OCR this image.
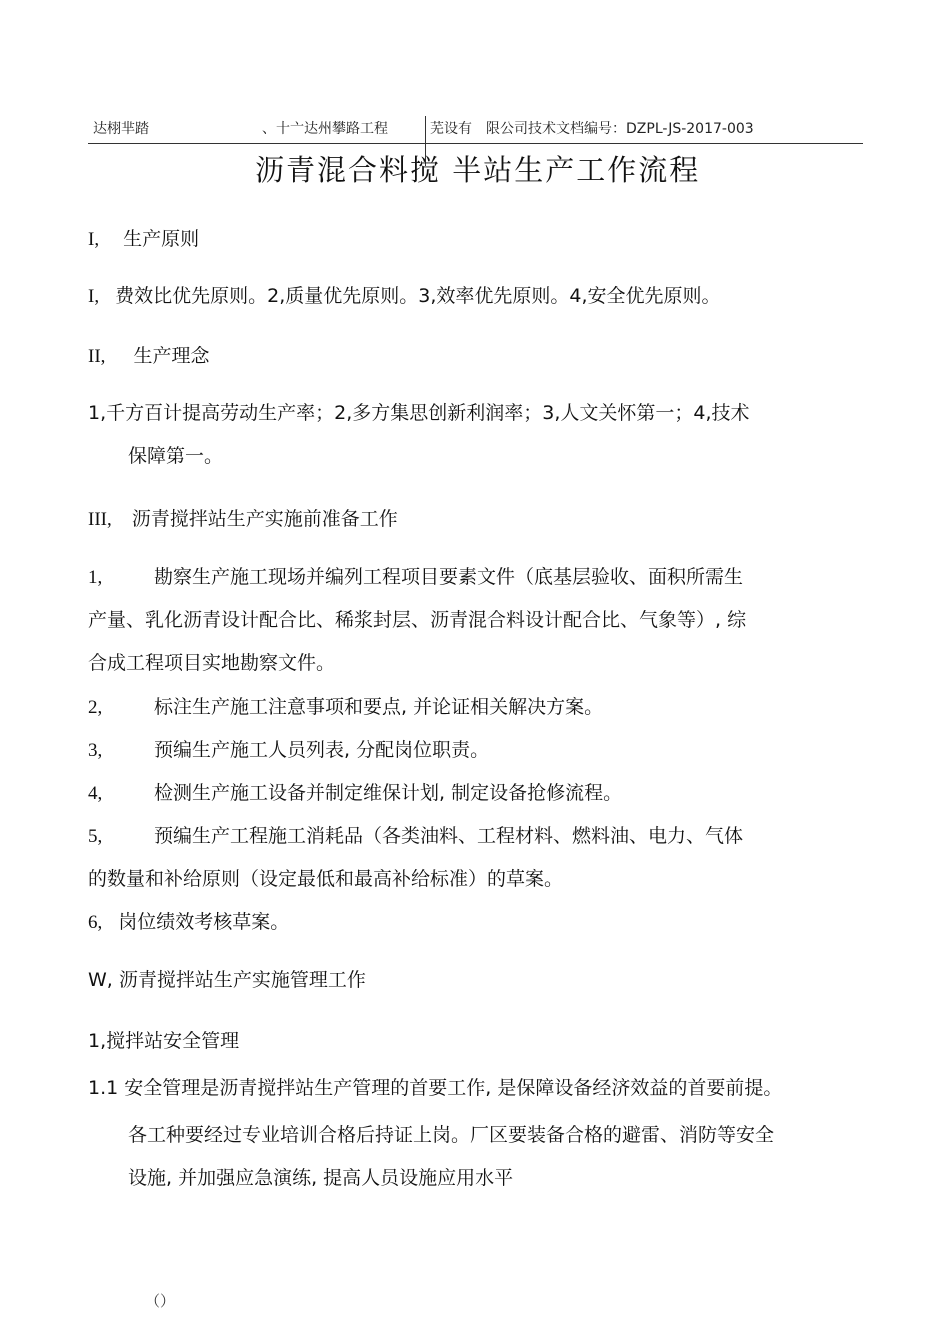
达栩芈踏	、十亠达州攀路工程	芜设有　限公司技术文档编号：DZPL-JS-2017-003
沥青混合料搅 半站生产工作流程
I, 生产原则
I, 费效比优先原则。2,质量优先原则。3,效率优先原则。4,安全优先原则。
II, 生产理念
1,千方百计提高劳动生产率；2,多方集思创新利润率；3,人文关怀第一；4,技术
保障第一。
III, 沥青搅拌站生产实施前准备工作
1,	勘察生产施工现场并编列工程项目要素文件（底基层验收、面积所需生
产量、乳化沥青设计配合比、稀浆封层、沥青混合料设计配合比、气象等）, 综
合成工程项目实地勘察文件。
2,	标注生产施工注意事项和要点, 并论证相关解决方案。
3,	预编生产施工人员列表, 分配岗位职责。
4,	检测生产施工设备并制定维保计划, 制定设备抢修流程。
5,	预编生产工程施工消耗品（各类油料、工程材料、燃料油、电力、气体
的数量和补给原则（设定最低和最高补给标准）的草案。
6, 岗位绩效考核草案。
W, 沥青搅拌站生产实施管理工作
1,搅拌站安全管理
1.1 安全管理是沥青搅拌站生产管理的首要工作, 是保障设备经济效益的首要前提。
各工种要经过专业培训合格后持证上岗。厂区要装备合格的避雷、消防等安全
设施, 并加强应急演练, 提高人员设施应用水平
（）
